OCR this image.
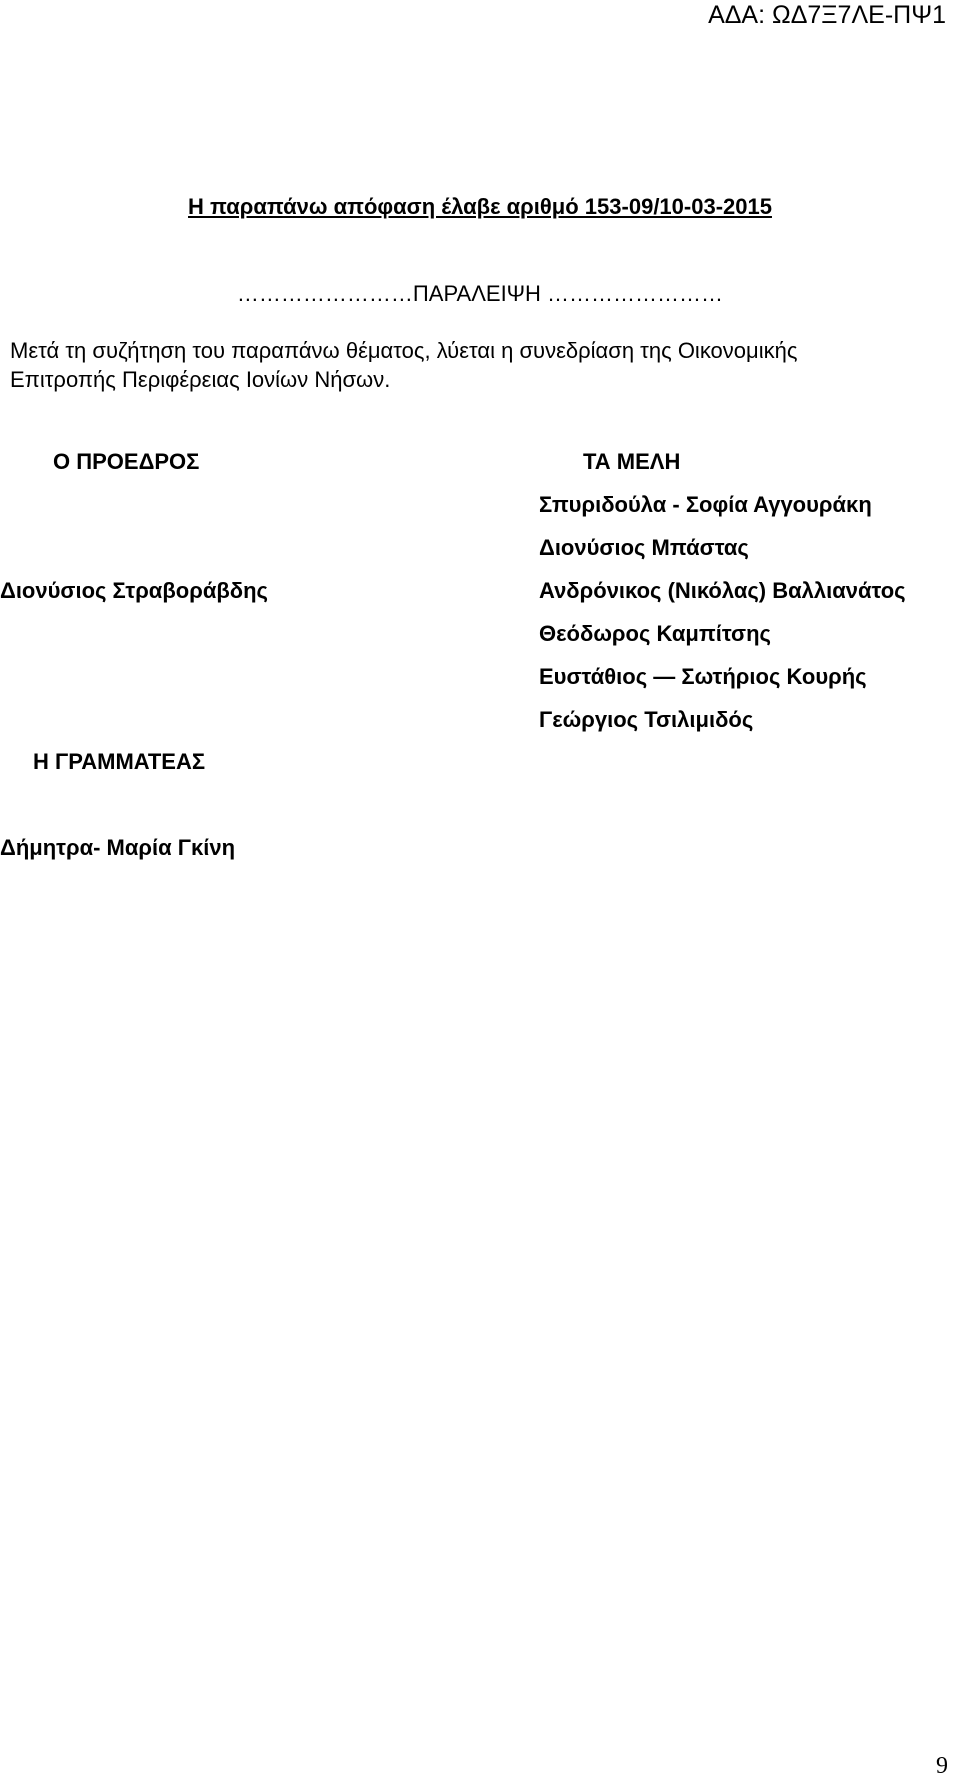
ΑΔΑ: ΩΔ7Ξ7ΛΕ-ΠΨ1
Η παραπάνω απόφαση έλαβε αριθμό 153-09/10-03-2015
……………………ΠΑΡΑΛΕΙΨΗ ……………………

Μετά τη συζήτηση του παραπάνω θέματος, λύεται η συνεδρίαση της Οικονομικής

Επιτροπής Περιφέρειας Ιονίων Νήσων.

Ο ΠΡΟΕΔΡΟΣ
Διονύσιος Στραβοράβδης
Η ΓΡΑΜΜΑΤΕΑΣ
Δήμητρα- Μαρία Γκίνη
ΤΑ ΜΕΛΗ
Σπυριδούλα - Σοφία Αγγουράκη
Διονύσιος Μπάστας
Ανδρόνικος (Νικόλας) Βαλλιανάτος
Θεόδωρος Καμπίτσης
Ευστάθιος — Σωτήριος Κουρής
Γεώργιος Τσιλιμιδός
9
